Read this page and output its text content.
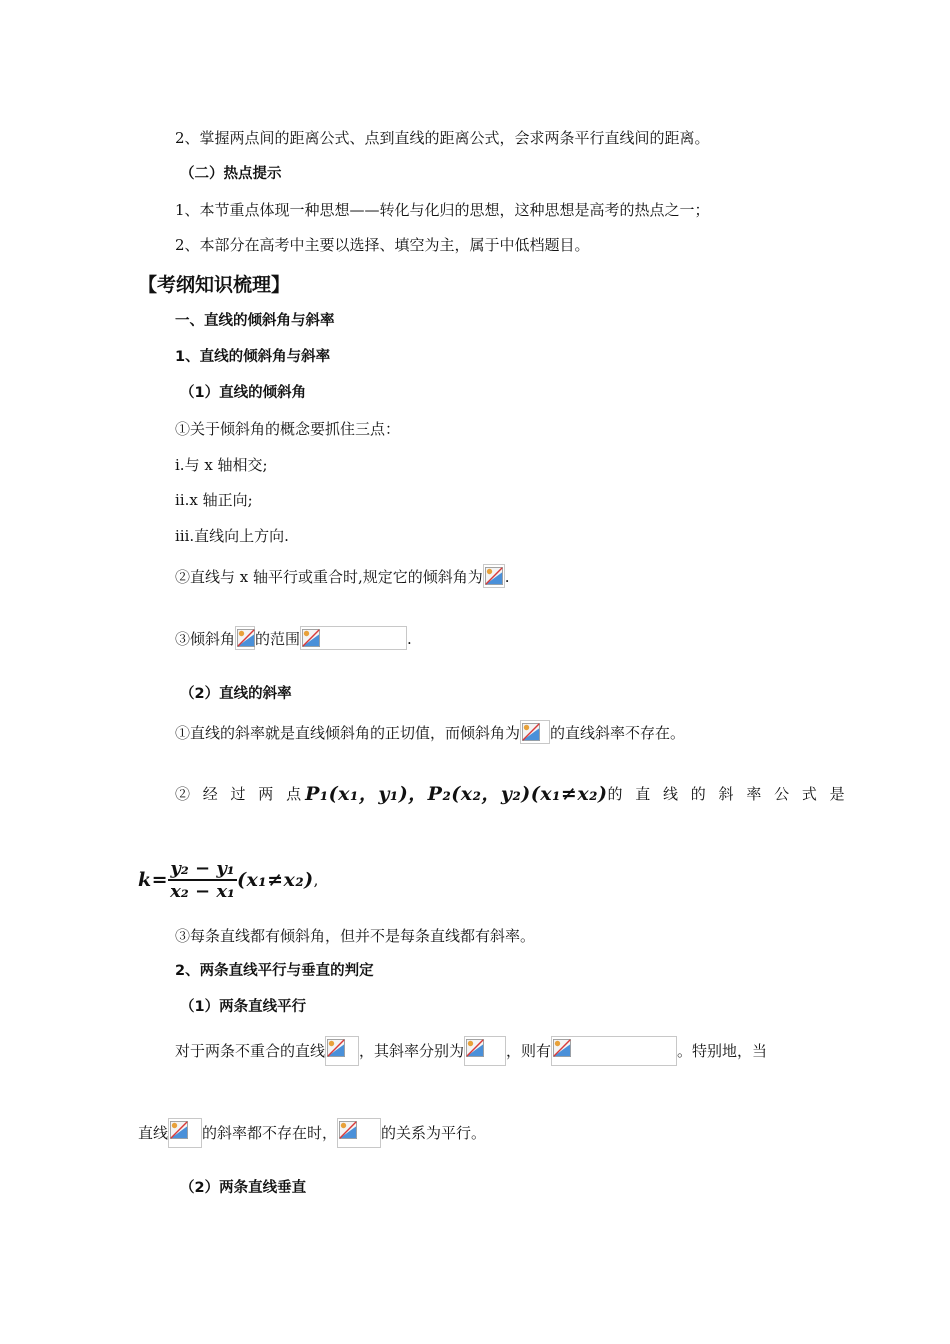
2、掌握两点间的距离公式、点到直线的距离公式，会求两条平行直线间的距离。
（二）热点提示
1、本节重点体现一种思想——转化与化归的思想，这种思想是高考的热点之一；
2、本部分在高考中主要以选择、填空为主，属于中低档题目。
【考纲知识梳理】
一、直线的倾斜角与斜率
1、直线的倾斜角与斜率
（1）直线的倾斜角
①关于倾斜角的概念要抓住三点：
ⅰ.与 x 轴相交;
ⅱ.x 轴正向;
ⅲ.直线向上方向.
②直线与 x 轴平行或重合时,规定它的倾斜角为 .
③倾斜角 的范围	.
（2）直线的斜率
①直线的斜率就是直线倾斜角的正切值，而倾斜角为 的直线斜率不存在。
② 经 过 两 点 P₁(x₁，y₁)，P₂(x₂，y₂)(x₁≠x₂) 的 直 线 的 斜 率 公 式 是
$k= \frac{\text{y₂ − y₁}}{\text{x₂ − x₁}} (x_1\ne x_2)$ ,
③每条直线都有倾斜角，但并不是每条直线都有斜率。
2、两条直线平行与垂直的判定
（1）两条直线平行
对于两条不重合的直线 ，其斜率分别为	，则有	。特别地，当
直线 的斜率都不存在时，	的关系为平行。
（2）两条直线垂直
